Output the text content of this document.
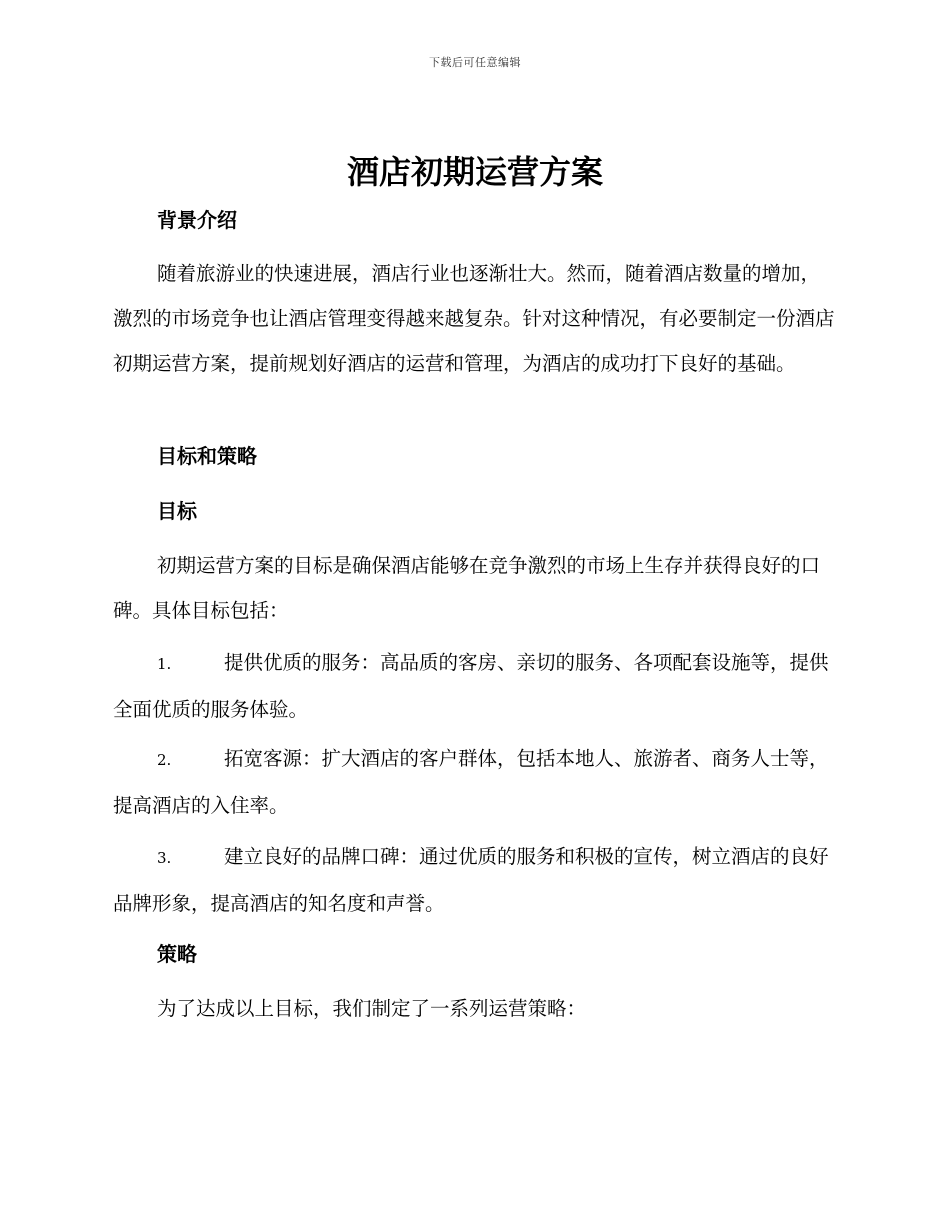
下载后可任意编辑
酒店初期运营方案
背景介绍

随着旅游业的快速进展，酒店行业也逐渐壮大。然而，随着酒店数量的增加，激烈的市场竞争也让酒店管理变得越来越复杂。针对这种情况，有必要制定一份酒店初期运营方案，提前规划好酒店的运营和管理，为酒店的成功打下良好的基础。

目标和策略
目标

初期运营方案的目标是确保酒店能够在竞争激烈的市场上生存并获得良好的口碑。具体目标包括：

1.	提供优质的服务：高品质的客房、亲切的服务、各项配套设施等，提供全面优质的服务体验。

2.	拓宽客源：扩大酒店的客户群体，包括本地人、旅游者、商务人士等，提高酒店的入住率。

3.	建立良好的品牌口碑：通过优质的服务和积极的宣传，树立酒店的良好品牌形象，提高酒店的知名度和声誉。

策略

为了达成以上目标，我们制定了一系列运营策略：
